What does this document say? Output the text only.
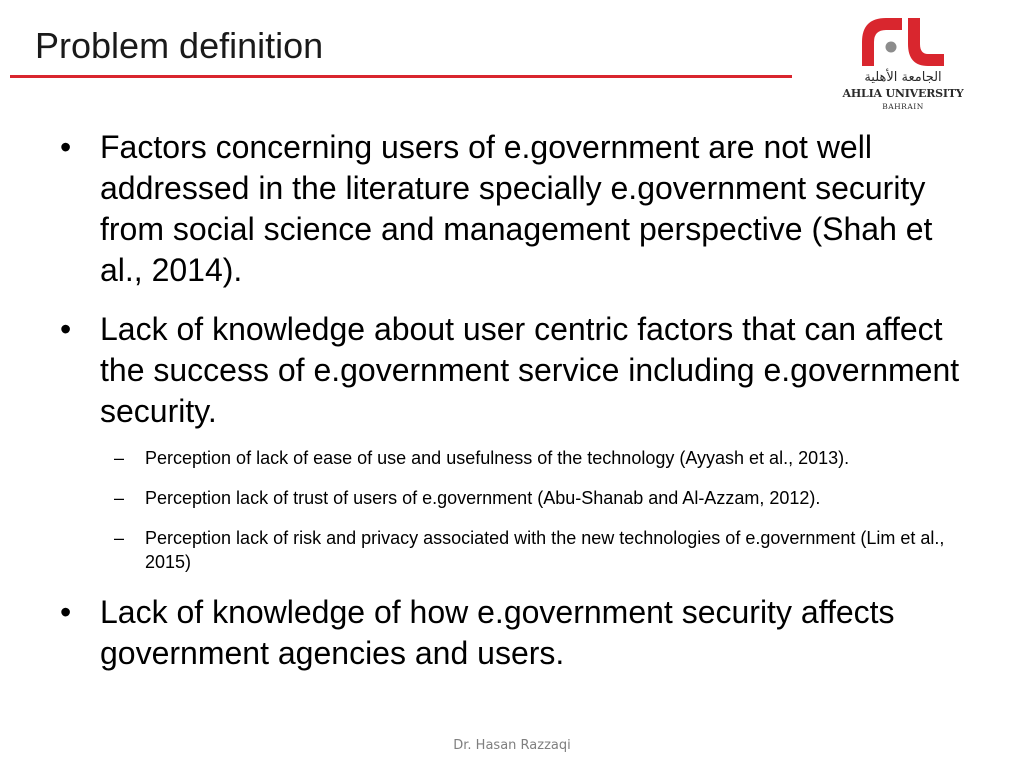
Problem definition
الجامعة الأهلية
AHLIA UNIVERSITY
BAHRAIN
• Factors concerning users of e.government are not well addressed in the literature specially e.government security from social science and management perspective (Shah et al., 2014).
• Lack of knowledge about user centric factors that can affect the success of e.government service including e.government security.
– Perception of lack of ease of use and usefulness of the technology (Ayyash et al., 2013).
– Perception lack of trust of users of e.government (Abu-Shanab and Al-Azzam, 2012).
– Perception lack of risk and privacy associated with the new technologies of e.government (Lim et al., 2015)
• Lack of knowledge of how e.government security affects government agencies and users.
Dr. Hasan Razzaqi
